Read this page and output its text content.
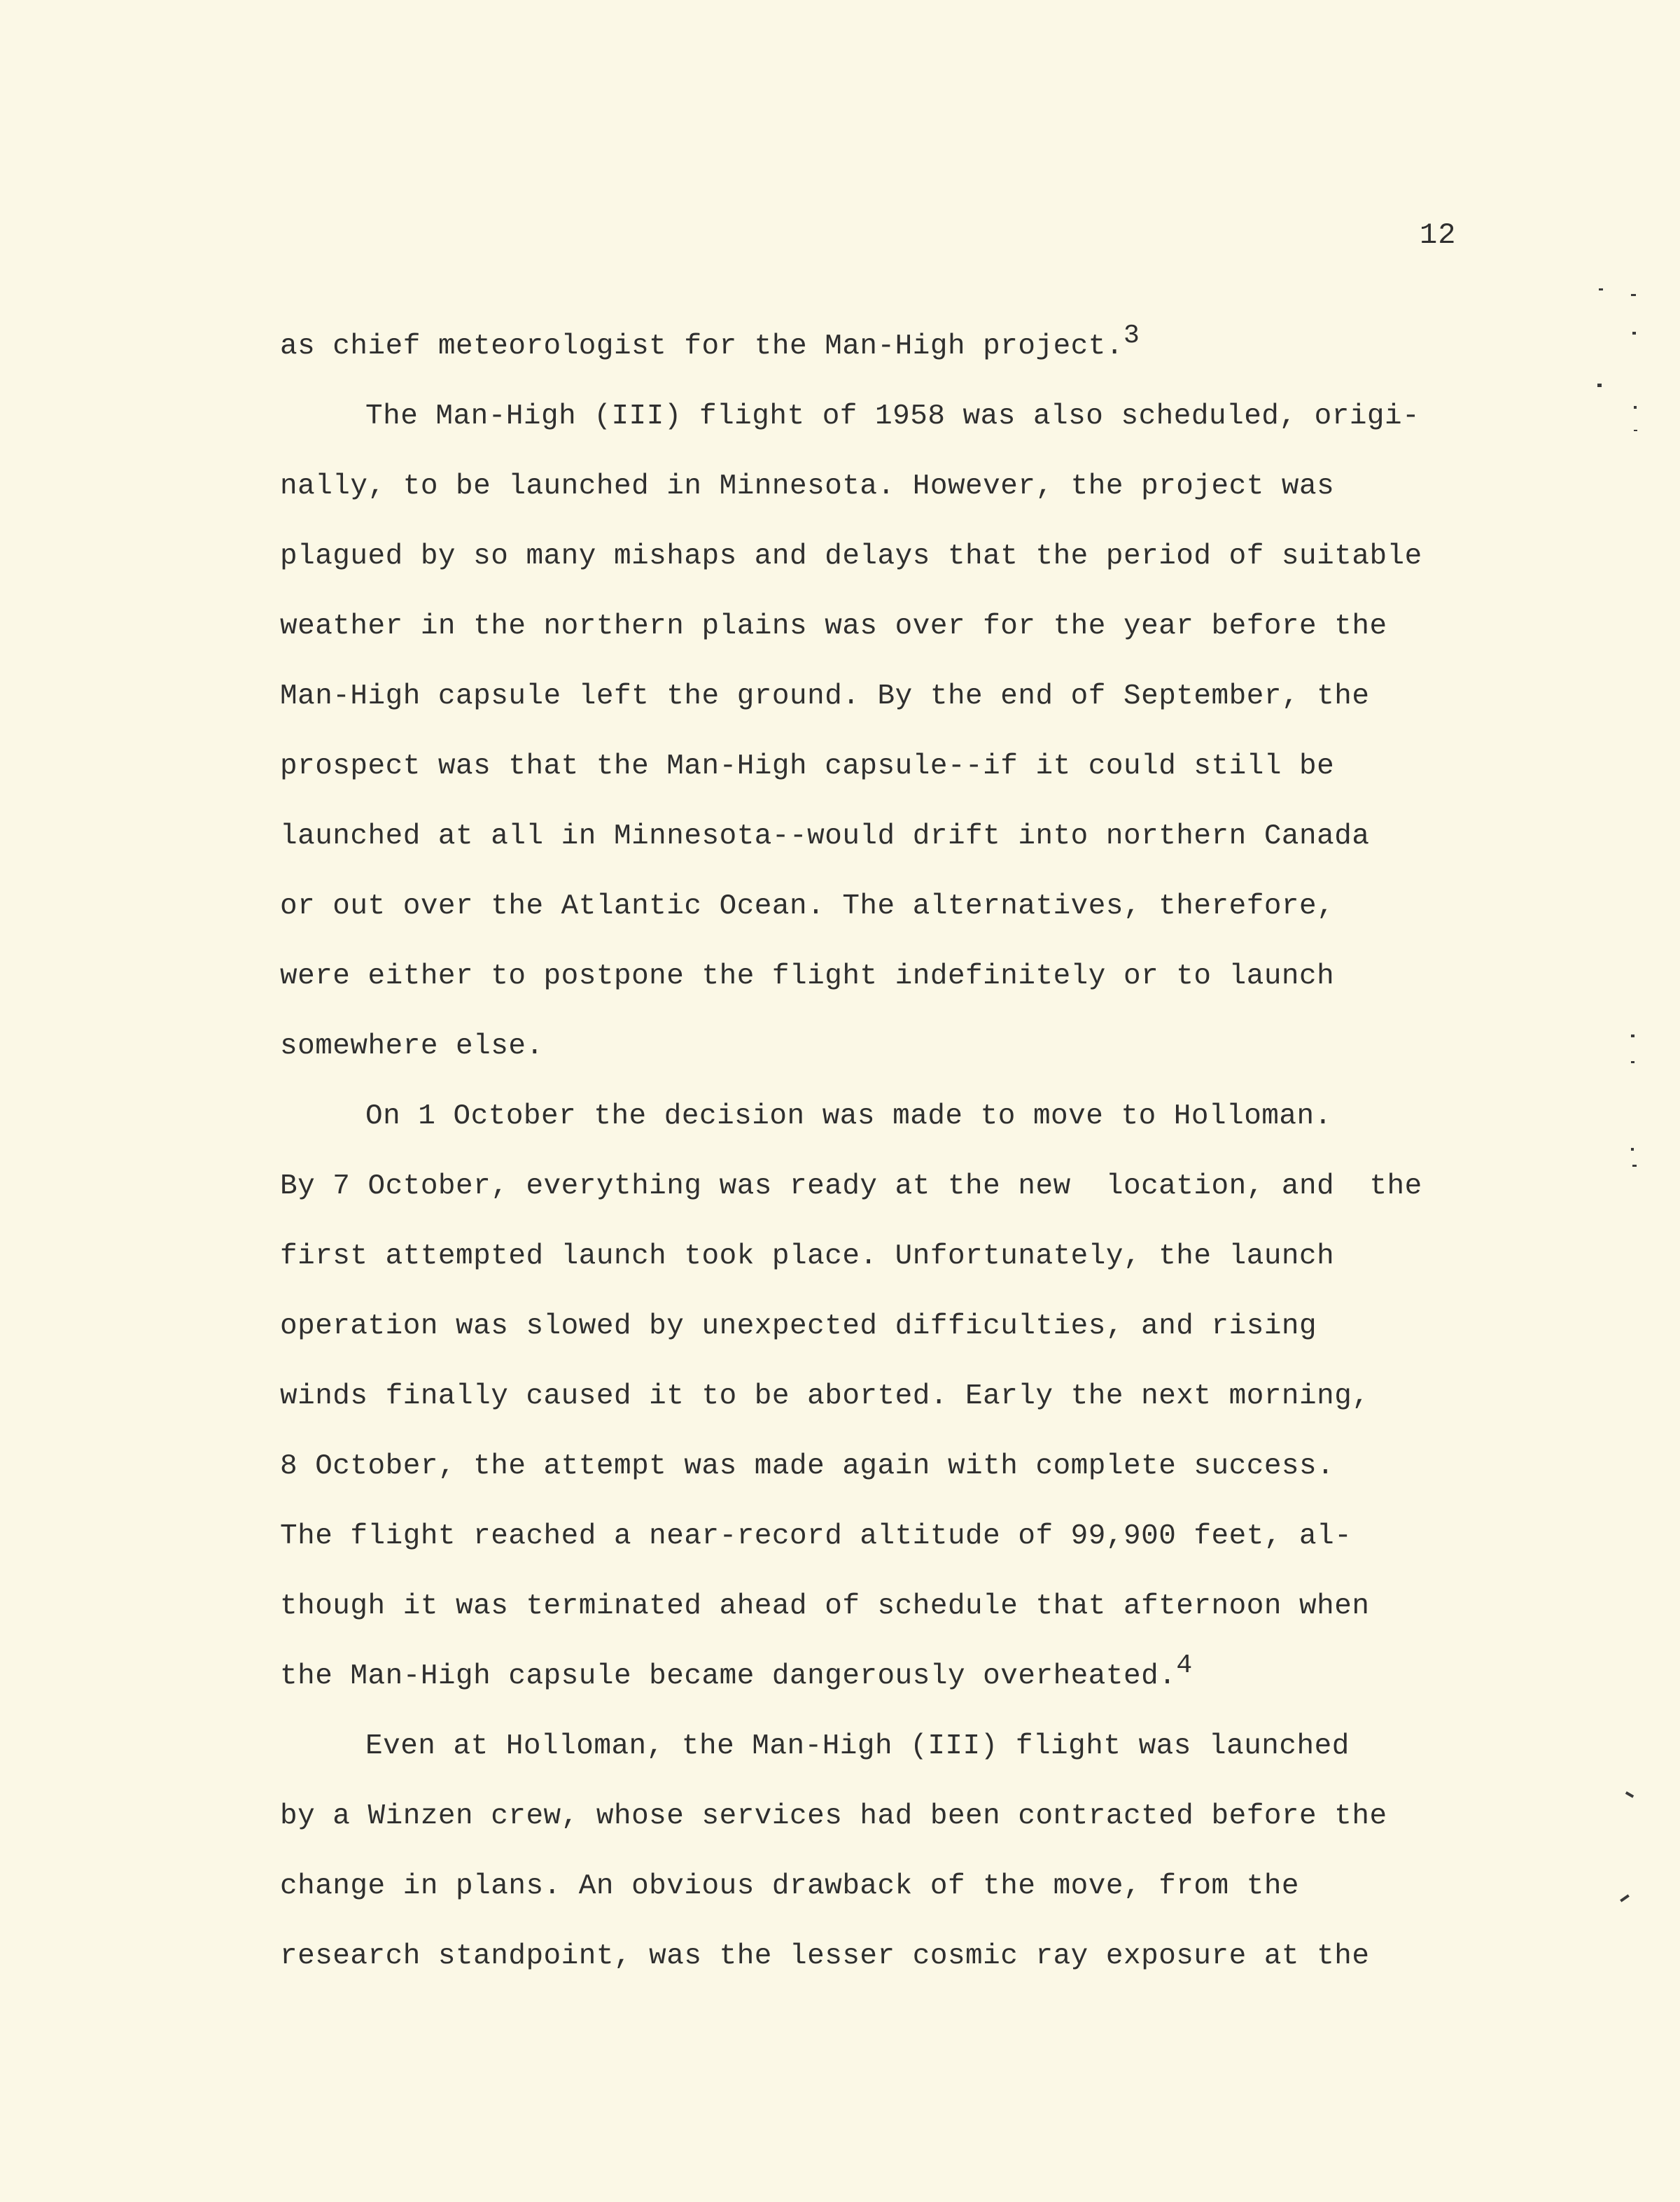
12
as chief meteorologist for the Man-High project.$^3$
The Man-High (III) flight of 1958 was also scheduled, origi-
nally, to be launched in Minnesota. However, the project was
plagued by so many mishaps and delays that the period of suitable
weather in the northern plains was over for the year before the
Man-High capsule left the ground. By the end of September, the
prospect was that the Man-High capsule--if it could still be
launched at all in Minnesota--would drift into northern Canada
or out over the Atlantic Ocean. The alternatives, therefore,
were either to postpone the flight indefinitely or to launch
somewhere else.
On 1 October the decision was made to move to Holloman.
By 7 October, everything was ready at the new  location, and  the
first attempted launch took place. Unfortunately, the launch
operation was slowed by unexpected difficulties, and rising
winds finally caused it to be aborted. Early the next morning,
8 October, the attempt was made again with complete success.
The flight reached a near-record altitude of 99,900 feet, al-
though it was terminated ahead of schedule that afternoon when
the Man-High capsule became dangerously overheated.$^4$
Even at Holloman, the Man-High (III) flight was launched
by a Winzen crew, whose services had been contracted before the
change in plans. An obvious drawback of the move, from the
research standpoint, was the lesser cosmic ray exposure at the
